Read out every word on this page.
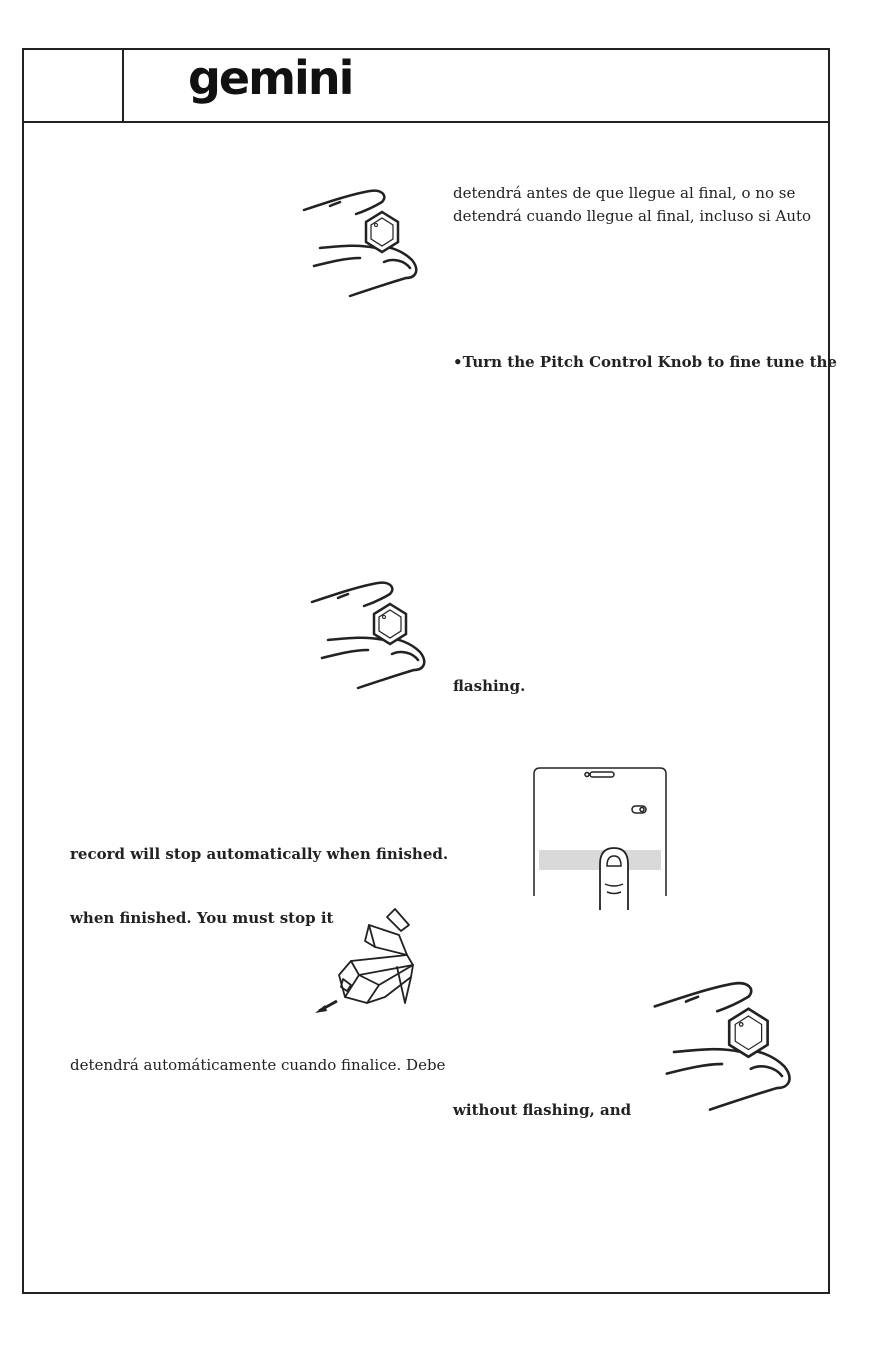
gemini
detendrá antes de que llegue al final, o no se
detendrá cuando llegue al final, incluso si Auto
•Turn the Pitch Control Knob to fine tune the
flashing.
without flashing, and
record will stop automatically when finished.
when finished. You must stop it
detendrá automáticamente cuando finalice. Debe
